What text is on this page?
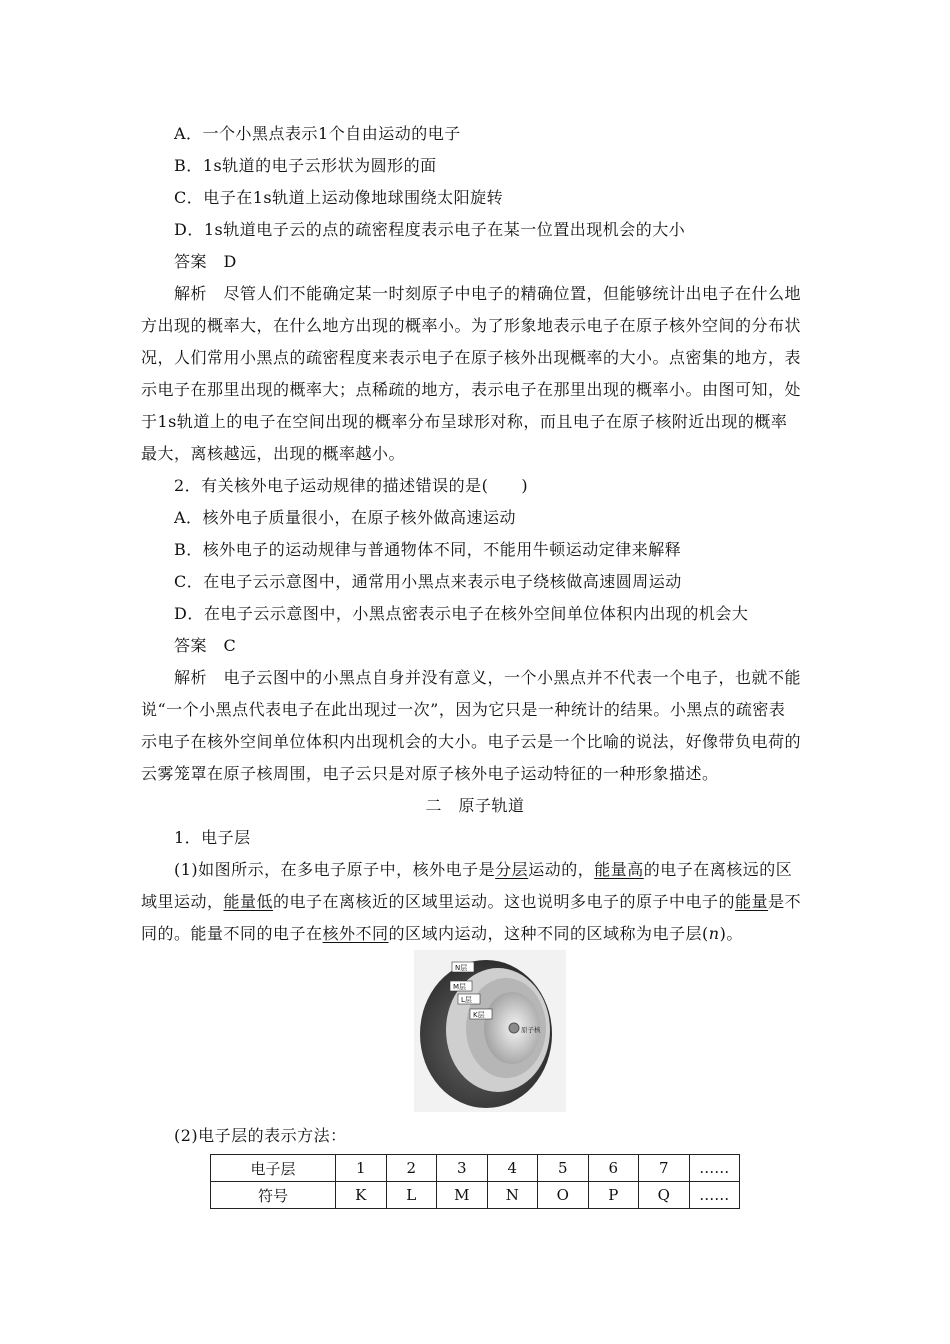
A．一个小黑点表示1个自由运动的电子
B．1s轨道的电子云形状为圆形的面
C．电子在1s轨道上运动像地球围绕太阳旋转
D．1s轨道电子云的点的疏密程度表示电子在某一位置出现机会的大小
答案　D
解析　尽管人们不能确定某一时刻原子中电子的精确位置，但能够统计出电子在什么地
方出现的概率大，在什么地方出现的概率小。为了形象地表示电子在原子核外空间的分布状
况，人们常用小黑点的疏密程度来表示电子在原子核外出现概率的大小。点密集的地方，表
示电子在那里出现的概率大；点稀疏的地方，表示电子在那里出现的概率小。由图可知，处
于1s轨道上的电子在空间出现的概率分布呈球形对称，而且电子在原子核附近出现的概率
最大，离核越远，出现的概率越小。
2．有关核外电子运动规律的描述错误的是(　　)
A．核外电子质量很小，在原子核外做高速运动
B．核外电子的运动规律与普通物体不同，不能用牛顿运动定律来解释
C．在电子云示意图中，通常用小黑点来表示电子绕核做高速圆周运动
D．在电子云示意图中，小黑点密表示电子在核外空间单位体积内出现的机会大
答案　C
解析　电子云图中的小黑点自身并没有意义，一个小黑点并不代表一个电子，也就不能
说“一个小黑点代表电子在此出现过一次”，因为它只是一种统计的结果。小黑点的疏密表
示电子在核外空间单位体积内出现机会的大小。电子云是一个比喻的说法，好像带负电荷的
云雾笼罩在原子核周围，电子云只是对原子核外电子运动特征的一种形象描述。
二　原子轨道
1．电子层
(1)如图所示，在多电子原子中，核外电子是分层运动的，能量高的电子在离核远的区
域里运动，能量低的电子在离核近的区域里运动。这也说明多电子的原子中电子的能量是不
同的。能量不同的电子在核外不同的区域内运动，这种不同的区域称为电子层(n)。
N层
M层
L层
K层
原子核
(2)电子层的表示方法：
电子层	1	2	3	4	5	6	7	……
符号	K	L	M	N	O	P	Q	……
